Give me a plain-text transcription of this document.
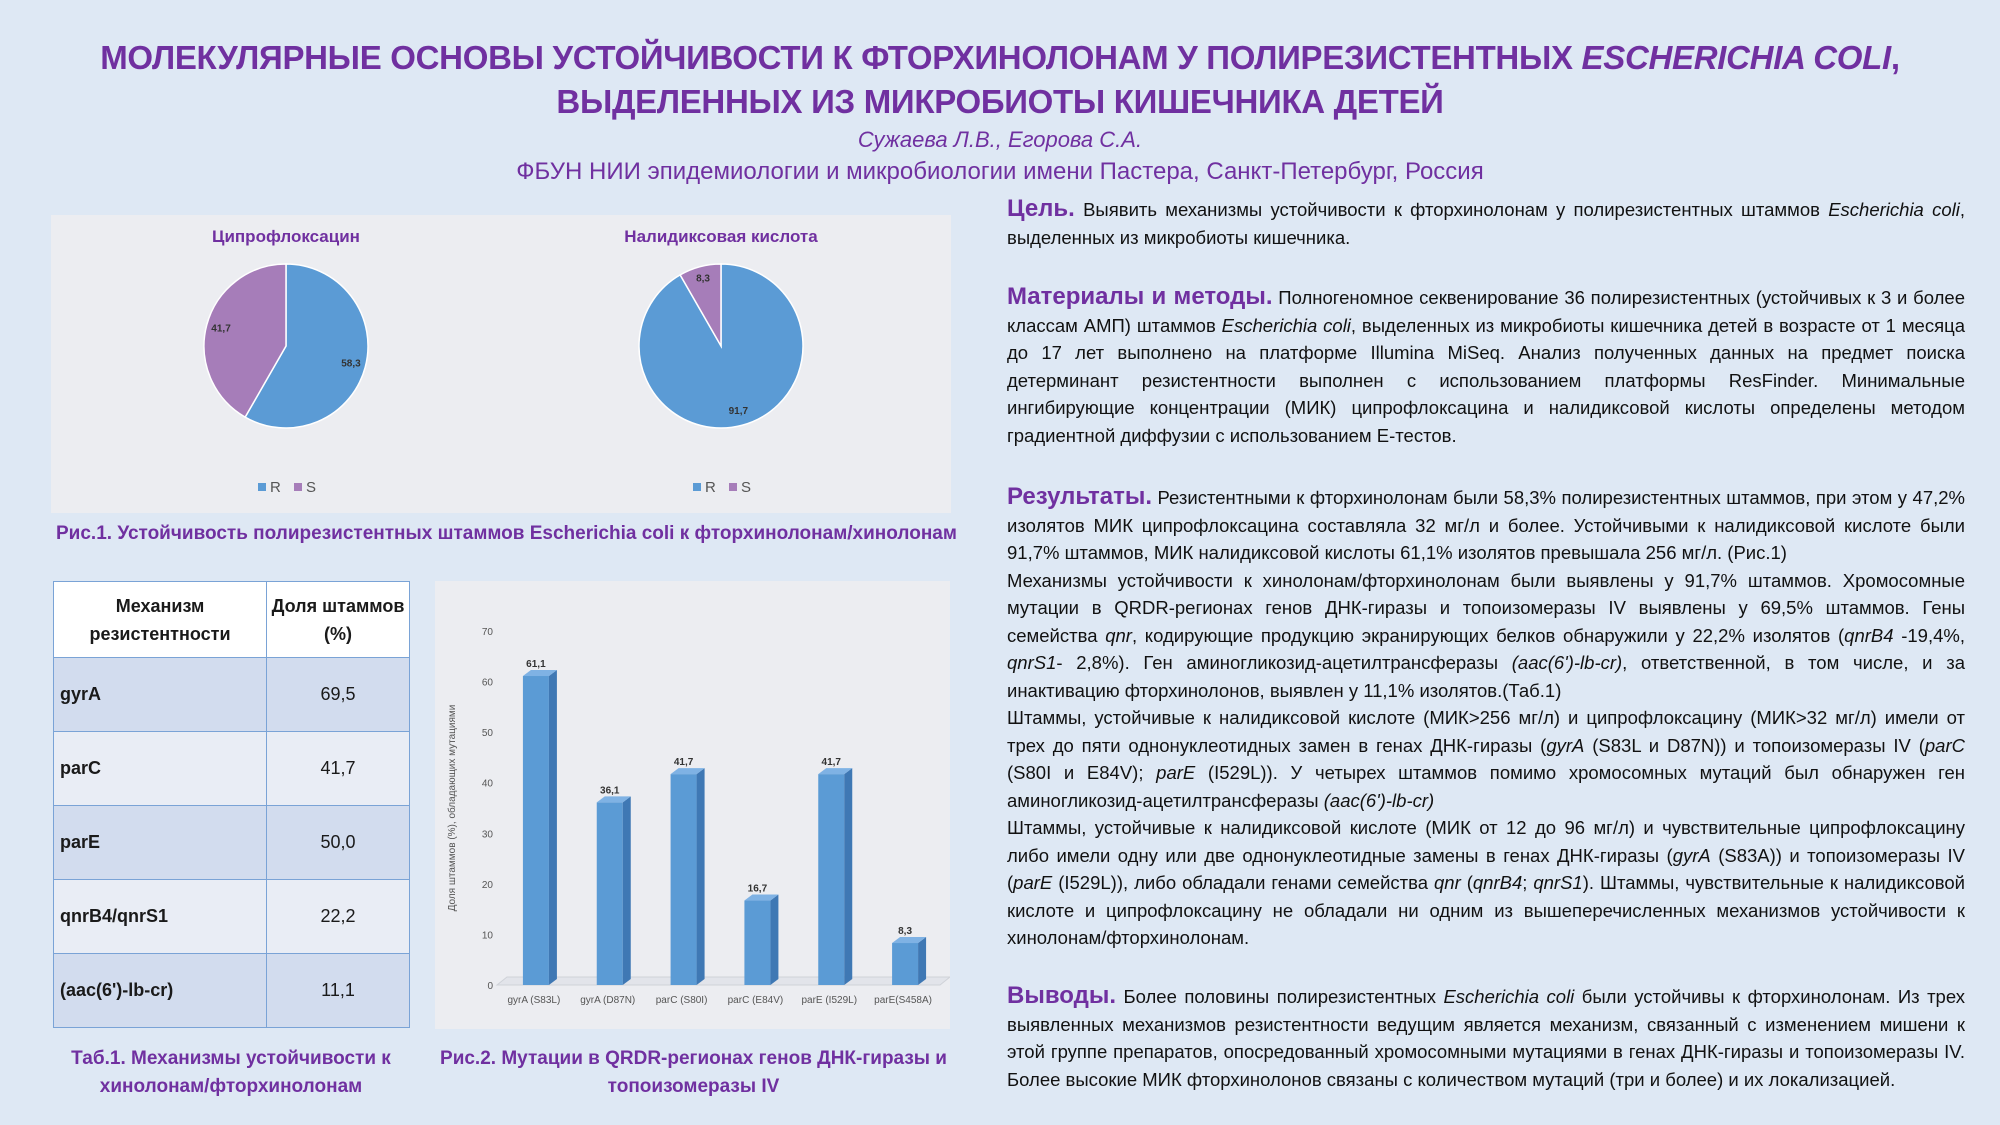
МОЛЕКУЛЯРНЫЕ ОСНОВЫ УСТОЙЧИВОСТИ К ФТОРХИНОЛОНАМ У ПОЛИРЕЗИСТЕНТНЫХ ESCHERICHIA COLI,
ВЫДЕЛЕННЫХ ИЗ МИКРОБИОТЫ КИШЕЧНИКА ДЕТЕЙ
Сужаева Л.В., Егорова С.А.
ФБУН НИИ эпидемиологии и микробиологии имени Пастера, Санкт-Петербург, Россия
Ципрофлоксацин
58,3
41,7
R S
Налидиксовая кислота
91,7
8,3
R S
Рис.1. Устойчивость полирезистентных штаммов Escherichia coli к фторхинолонам/хинолонам
Механизм резистентности	Доля штаммов (%)
gyrA	69,5
parC	41,7
parE	50,0
qnrB4/qnrS1	22,2
(aac(6')-lb-cr)	11,1
Таб.1. Механизмы устойчивости к хинолонам/фторхинолонам
0
10
20
30
40
50
60
70
Доля штаммов (%), обладающих мутациями
61,1
gyrA (S83L)
36,1
gyrA (D87N)
41,7
parC (S80I)
16,7
parC (E84V)
41,7
parE (I529L)
8,3
parE(S458A)
Рис.2. Мутации в QRDR-регионах генов ДНК-гиразы и топоизомеразы IV
Цель. Выявить механизмы устойчивости к фторхинолонам у полирезистентных штаммов Escherichia coli, выделенных из микробиоты кишечника.
Материалы и методы. Полногеномное секвенирование 36 полирезистентных (устойчивых к 3 и более классам АМП) штаммов Escherichia coli, выделенных из микробиоты кишечника детей в возрасте от 1 месяца до 17 лет выполнено на платформе Illumina MiSeq. Анализ полученных данных на предмет поиска детерминант резистентности выполнен с использованием платформы ResFinder. Минимальные ингибирующие концентрации (МИК) ципрофлоксацина и налидиксовой кислоты определены методом градиентной диффузии с использованием Е-тестов.
Результаты. Резистентными к фторхинолонам были 58,3% полирезистентных штаммов, при этом у 47,2% изолятов МИК ципрофлоксацина составляла 32 мг/л и более. Устойчивыми к налидиксовой кислоте были 91,7% штаммов, МИК налидиксовой кислоты 61,1% изолятов превышала 256 мг/л. (Рис.1)
Механизмы устойчивости к хинолонам/фторхинолонам были выявлены у 91,7% штаммов. Хромосомные мутации в QRDR-регионах генов ДНК-гиразы и топоизомеразы IV выявлены у 69,5% штаммов. Гены семейства qnr, кодирующие продукцию экранирующих белков обнаружили у 22,2% изолятов (qnrB4 -19,4%, qnrS1- 2,8%). Ген аминогликозид-ацетилтрансферазы (aac(6')-lb-cr), ответственной, в том числе, и за инактивацию фторхинолонов, выявлен у 11,1% изолятов.(Таб.1)
Штаммы, устойчивые к налидиксовой кислоте (МИК>256 мг/л) и ципрофлоксацину (МИК>32 мг/л) имели от трех до пяти однонуклеотидных замен в генах ДНК-гиразы (gyrA (S83L и D87N)) и топоизомеразы IV (parC (S80I и E84V); parE (I529L)). У четырех штаммов помимо хромосомных мутаций был обнаружен ген аминогликозид-ацетилтрансферазы (aac(6')-lb-cr)
Штаммы, устойчивые к налидиксовой кислоте (МИК от 12 до 96 мг/л) и чувствительные ципрофлоксацину либо имели одну или две однонуклеотидные замены в генах ДНК-гиразы (gyrA (S83A)) и топоизомеразы IV (parE (I529L)), либо обладали генами семейства qnr (qnrB4; qnrS1). Штаммы, чувствительные к налидиксовой кислоте и ципрофлоксацину не обладали ни одним из вышеперечисленных механизмов устойчивости к хинолонам/фторхинолонам.
Выводы. Более половины полирезистентных Escherichia coli были устойчивы к фторхинолонам. Из трех выявленных механизмов резистентности ведущим является механизм, связанный с изменением мишени к этой группе препаратов, опосредованный хромосомными мутациями в генах ДНК-гиразы и топоизомеразы IV. Более высокие МИК фторхинолонов связаны с количеством мутаций (три и более) и их локализацией.
